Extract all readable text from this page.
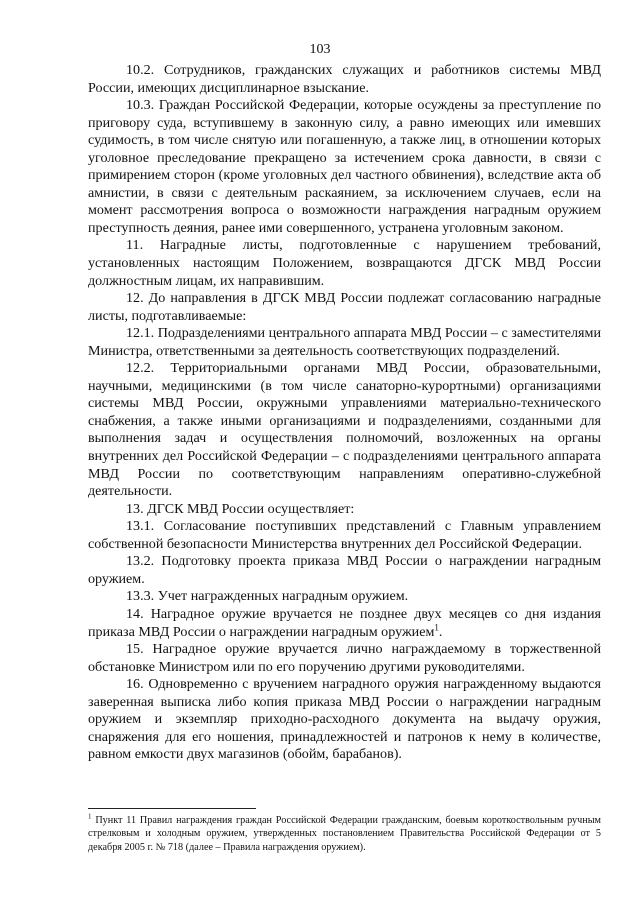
103

10.2. Сотрудников, гражданских служащих и работников системы МВД России, имеющих дисциплинарное взыскание.

10.3. Граждан Российской Федерации, которые осуждены за преступление по приговору суда, вступившему в законную силу, а равно имеющих или имевших судимость, в том числе снятую или погашенную, а также лиц, в отношении которых уголовное преследование прекращено за истечением срока давности, в связи с примирением сторон (кроме уголовных дел частного обвинения), вследствие акта об амнистии, в связи с деятельным раскаянием, за исключением случаев, если на момент рассмотрения вопроса о возможности награждения наградным оружием преступность деяния, ранее ими совершенного, устранена уголовным законом.

11. Наградные листы, подготовленные с нарушением требований, установленных настоящим Положением, возвращаются ДГСК МВД России должностным лицам, их направившим.

12. До направления в ДГСК МВД России подлежат согласованию наградные листы, подготавливаемые:

12.1. Подразделениями центрального аппарата МВД России – с заместителями Министра, ответственными за деятельность соответствующих подразделений.

12.2. Территориальными органами МВД России, образовательными, научными, медицинскими (в том числе санаторно-курортными) организациями системы МВД России, окружными управлениями материально-технического снабжения, а также иными организациями и подразделениями, созданными для выполнения задач и осуществления полномочий, возложенных на органы внутренних дел Российской Федерации – с подразделениями центрального аппарата МВД России по соответствующим направлениям оперативно-служебной деятельности.

13. ДГСК МВД России осуществляет:

13.1. Согласование поступивших представлений с Главным управлением собственной безопасности Министерства внутренних дел Российской Федерации.

13.2. Подготовку проекта приказа МВД России о награждении наградным оружием.

13.3. Учет награжденных наградным оружием.

14. Наградное оружие вручается не позднее двух месяцев со дня издания приказа МВД России о награждении наградным оружием$^1$.

15. Наградное оружие вручается лично награждаемому в торжественной обстановке Министром или по его поручению другими руководителями.

16. Одновременно с вручением наградного оружия награжденному выдаются заверенная выписка либо копия приказа МВД России о награждении наградным оружием и экземпляр приходно-расходного документа на выдачу оружия, снаряжения для его ношения, принадлежностей и патронов к нему в количестве, равном емкости двух магазинов (обойм, барабанов).

$^1$ Пункт 11 Правил награждения граждан Российской Федерации гражданским, боевым короткоствольным ручным стрелковым и холодным оружием, утвержденных постановлением Правительства Российской Федерации от 5 декабря 2005 г. № 718 (далее – Правила награждения оружием).
